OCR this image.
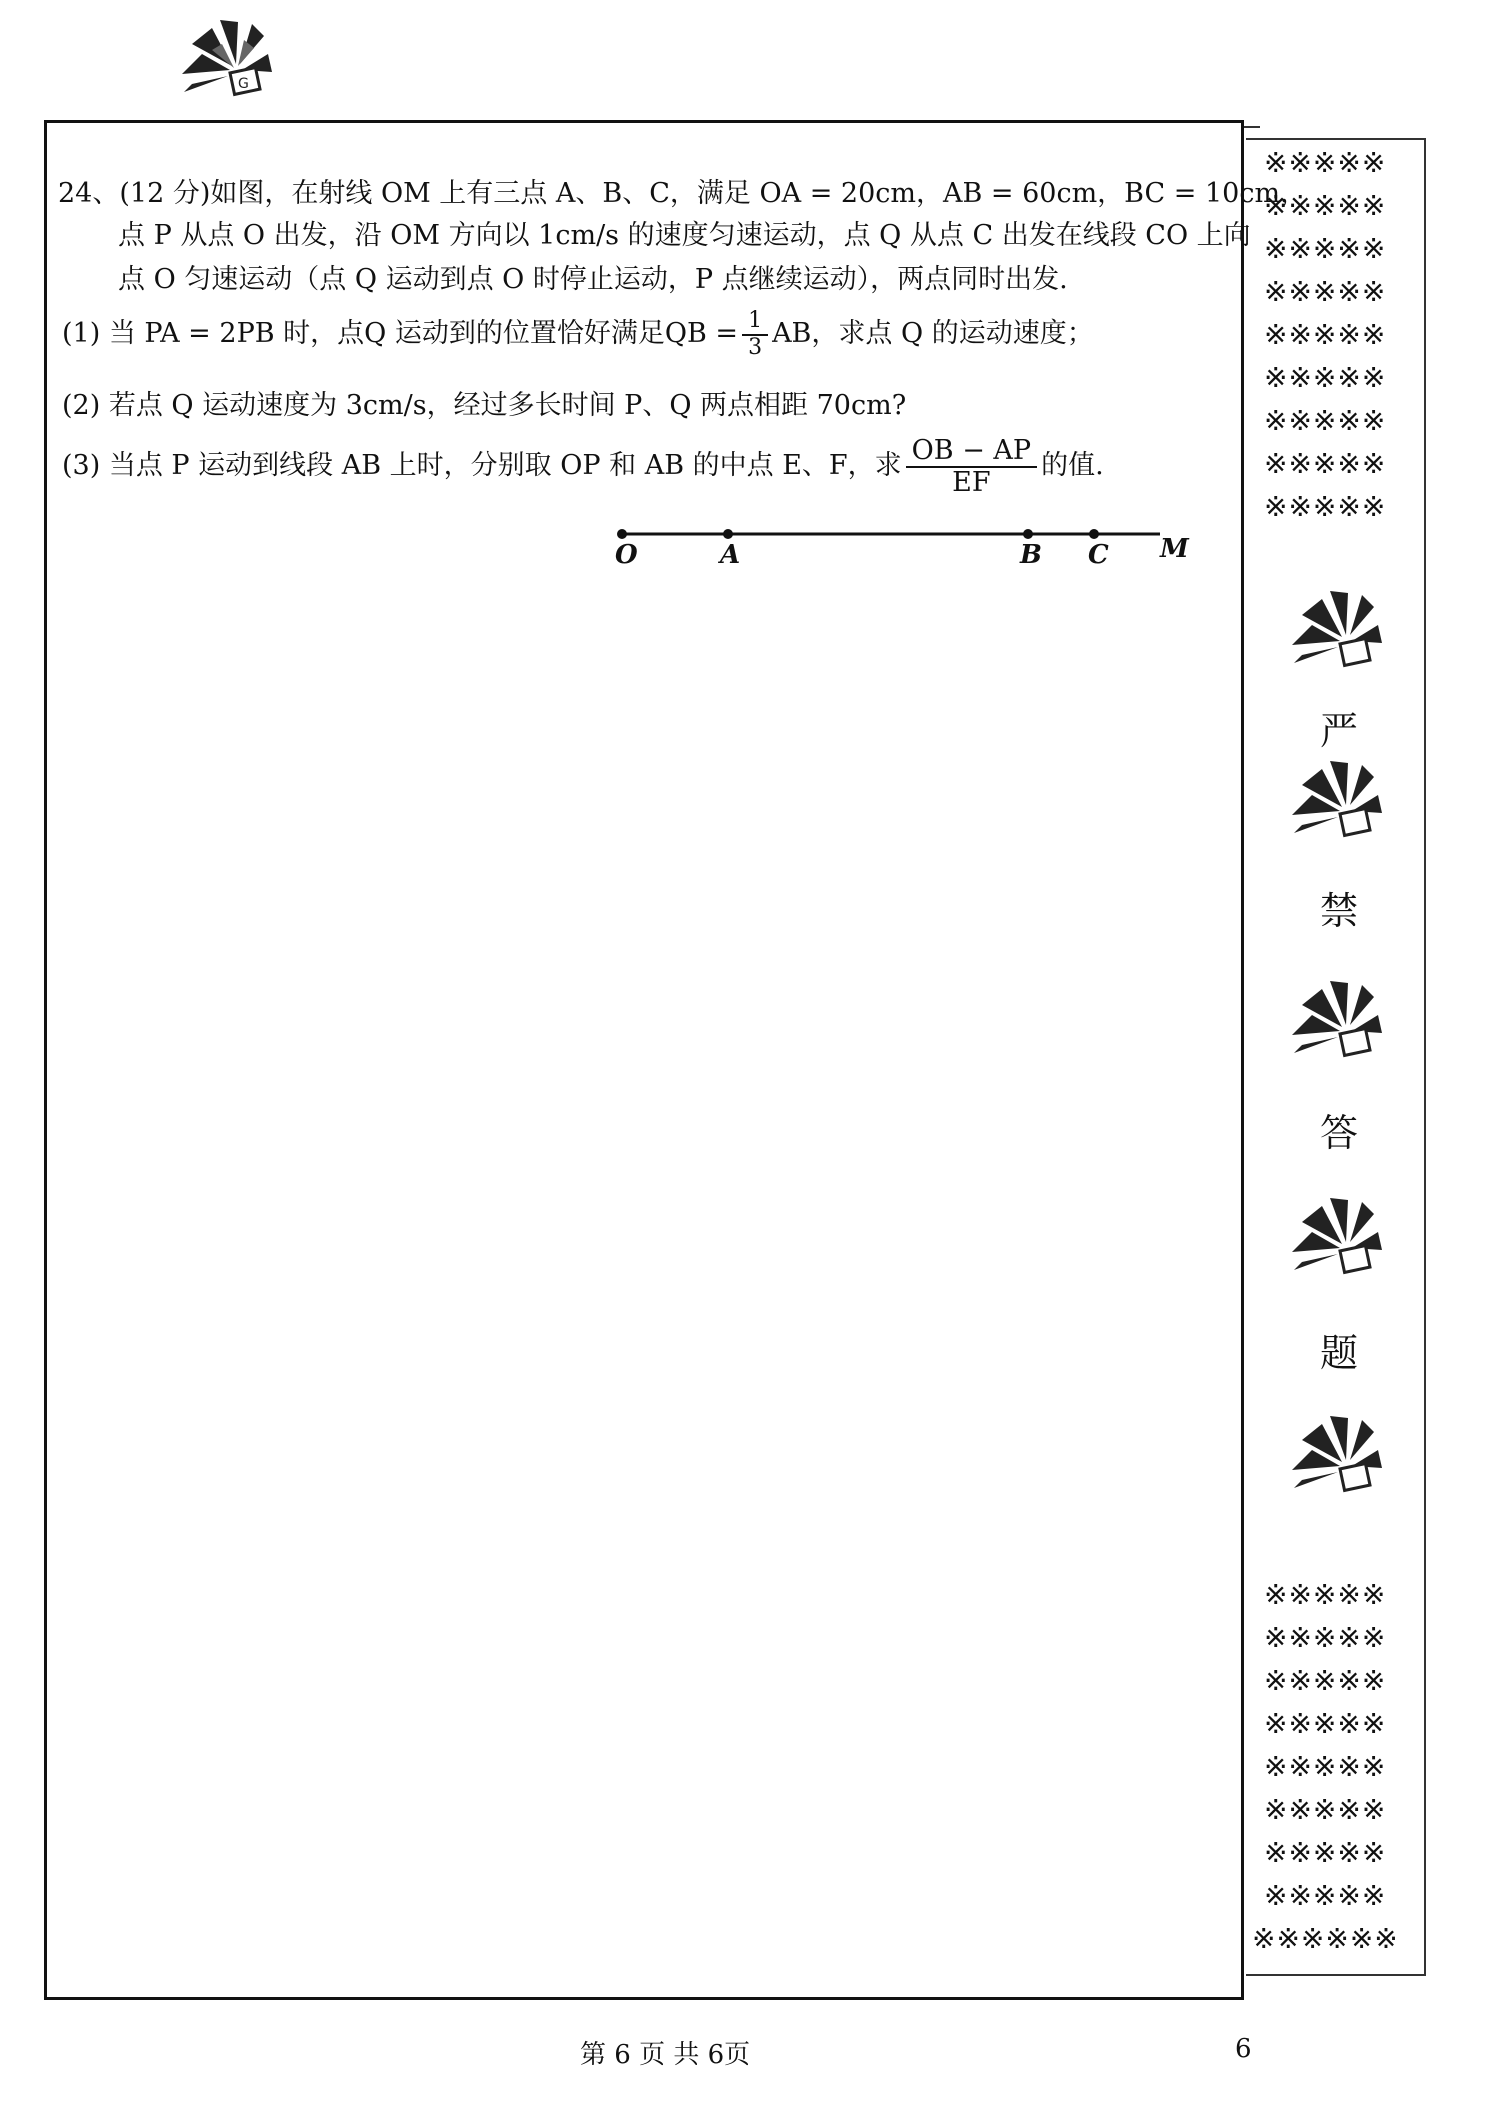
G
24、(12 分)如图，在射线 OM 上有三点 A、B、C，满足 OA = 20cm，AB = 60cm，BC = 10cm，
点 P 从点 O 出发，沿 OM 方向以 1cm/s 的速度匀速运动，点 Q 从点 C 出发在线段 CO 上向
点 O 匀速运动（点 Q 运动到点 O 时停止运动，P 点继续运动），两点同时出发.
(1) 当 PA = 2PB 时，点Q 运动到的位置恰好满足QB = $\frac{1}{3}$ AB，求点 Q 的运动速度；
(2) 若点 Q 运动速度为 3cm/s，经过多长时间 P、Q 两点相距 70cm?
(3) 当点 P 运动到线段 AB 上时，分别取 OP 和 AB 的中点 E、F，求 $\frac{OB - AP}{EF}$ 的值.
O	A	B C M
※※※※※
※※※※※
※※※※※
※※※※※
※※※※※
※※※※※
※※※※※
※※※※※
※※※※※
严
禁
答
题
※※※※※
※※※※※
※※※※※
※※※※※
※※※※※
※※※※※
※※※※※
※※※※※
※※※※※※
第 6 页 共 6页	6
